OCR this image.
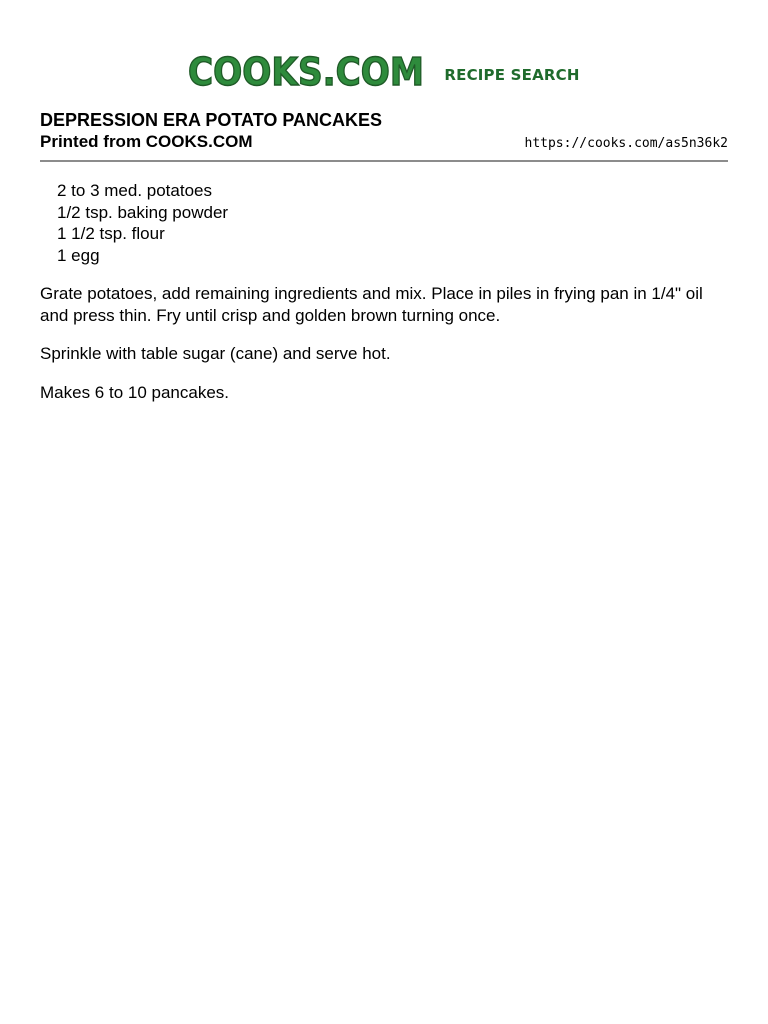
COOKS.COM RECIPE SEARCH
DEPRESSION ERA POTATO PANCAKES
Printed from COOKS.COM	https://cooks.com/as5n36k2
2 to 3 med. potatoes
1/2 tsp. baking powder
1 1/2 tsp. flour
1 egg

Grate potatoes, add remaining ingredients and mix. Place in piles in frying pan in 1/4" oil and press thin. Fry until crisp and golden brown turning once.

Sprinkle with table sugar (cane) and serve hot.

Makes 6 to 10 pancakes.
